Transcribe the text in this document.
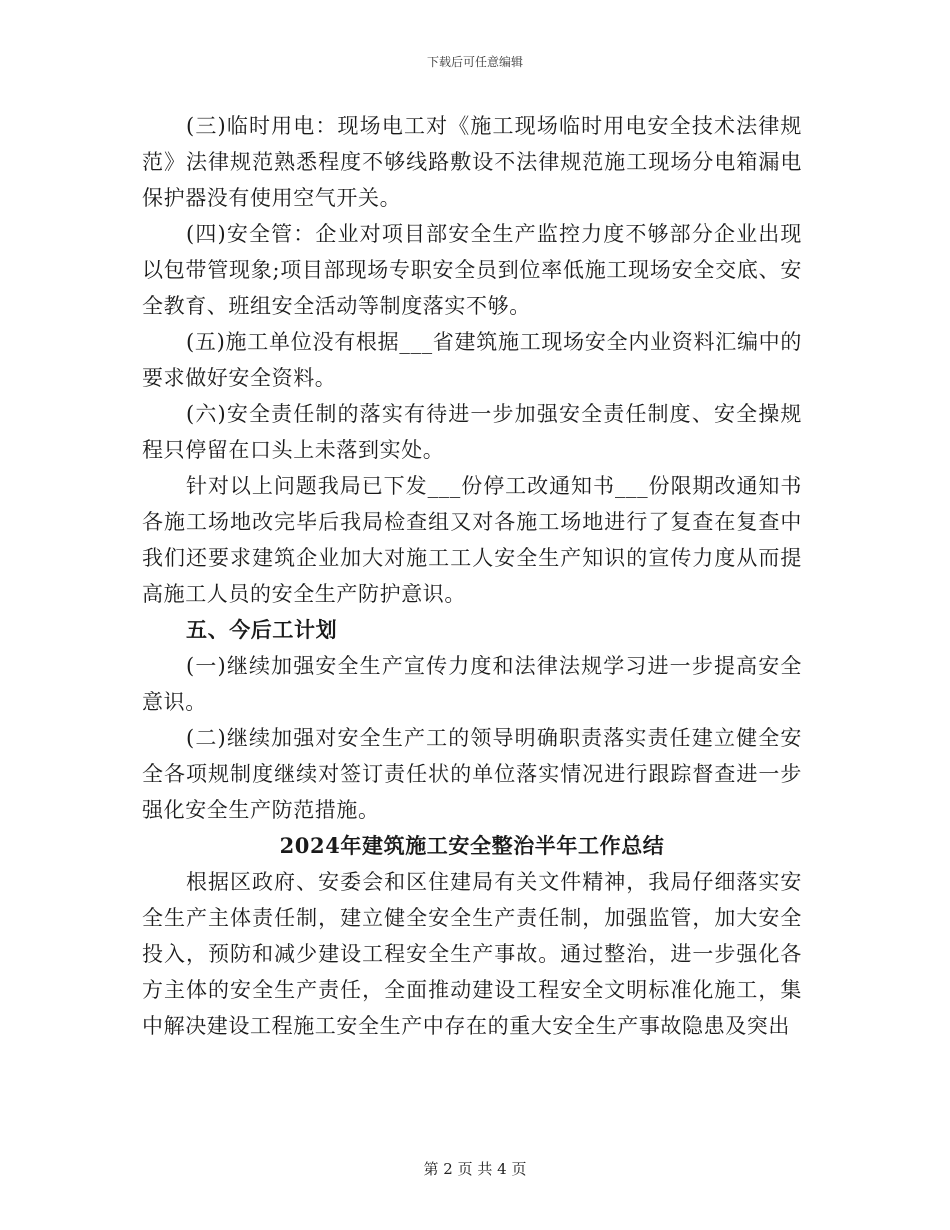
下载后可任意编辑

(三)临时用电：现场电工对《施工现场临时用电安全技术法律规范》法律规范熟悉程度不够线路敷设不法律规范施工现场分电箱漏电保护器没有使用空气开关。

(四)安全管：企业对项目部安全生产监控力度不够部分企业出现以包带管现象;项目部现场专职安全员到位率低施工现场安全交底、安全教育、班组安全活动等制度落实不够。

(五)施工单位没有根据___省建筑施工现场安全内业资料汇编中的要求做好安全资料。

(六)安全责任制的落实有待进一步加强安全责任制度、安全操规程只停留在口头上未落到实处。

针对以上问题我局已下发___份停工改通知书___份限期改通知书各施工场地改完毕后我局检查组又对各施工场地进行了复查在复查中我们还要求建筑企业加大对施工工人安全生产知识的宣传力度从而提高施工人员的安全生产防护意识。

五、今后工计划

(一)继续加强安全生产宣传力度和法律法规学习进一步提高安全意识。

(二)继续加强对安全生产工的领导明确职责落实责任建立健全安全各项规制度继续对签订责任状的单位落实情况进行跟踪督查进一步强化安全生产防范措施。

2024年建筑施工安全整治半年工作总结

根据区政府、安委会和区住建局有关文件精神，我局仔细落实安全生产主体责任制，建立健全安全生产责任制，加强监管，加大安全投入，预防和减少建设工程安全生产事故。通过整治，进一步强化各方主体的安全生产责任，全面推动建设工程安全文明标准化施工，集中解决建设工程施工安全生产中存在的重大安全生产事故隐患及突出

第 2 页 共 4 页
